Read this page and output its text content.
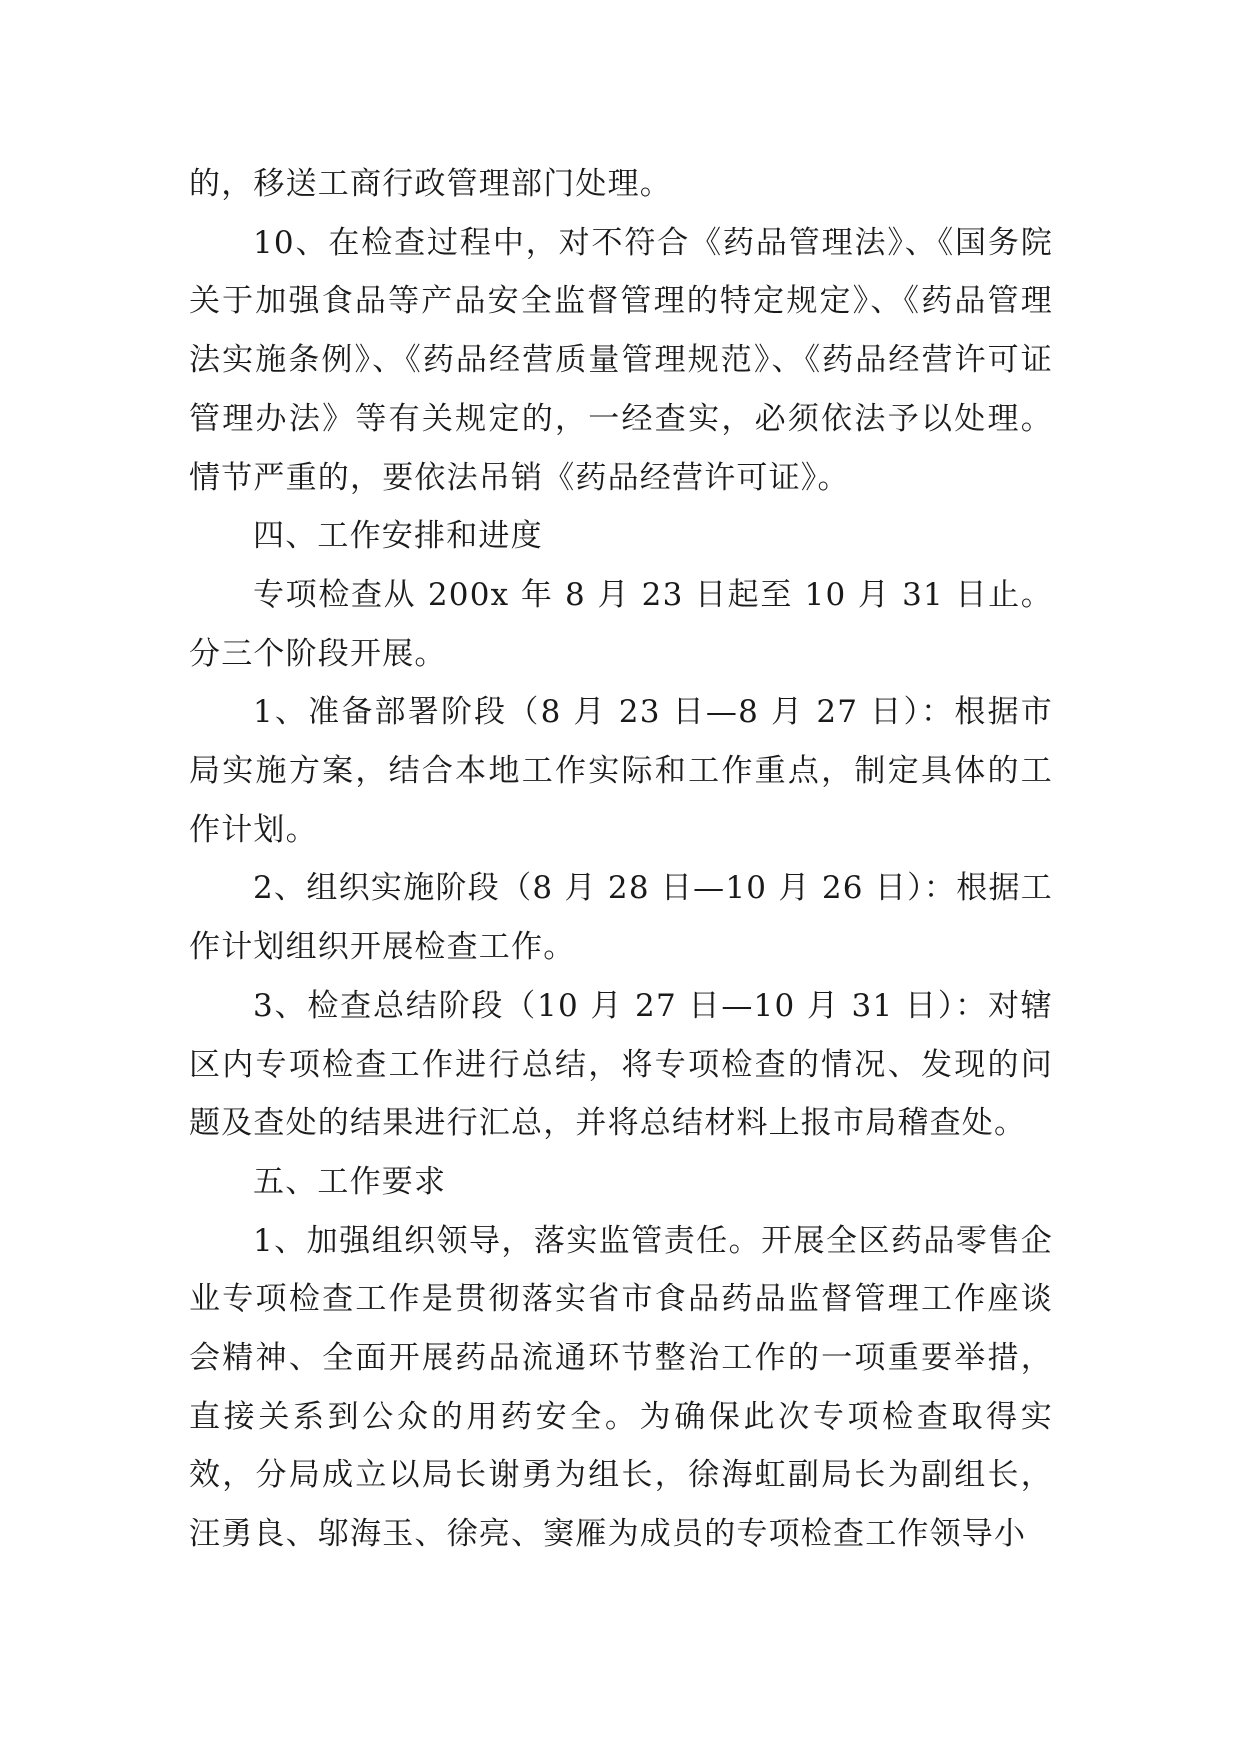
的，移送工商行政管理部门处理。

10、在检查过程中，对不符合《药品管理法》、《国务院关于加强食品等产品安全监督管理的特定规定》、《药品管理法实施条例》、《药品经营质量管理规范》、《药品经营许可证管理办法》等有关规定的，一经查实，必须依法予以处理。情节严重的，要依法吊销《药品经营许可证》。

四、工作安排和进度

专项检查从 200x 年 8 月 23 日起至 10 月 31 日止。分三个阶段开展。

1、准备部署阶段（8 月 23 日—8 月 27 日）：根据市局实施方案，结合本地工作实际和工作重点，制定具体的工作计划。

2、组织实施阶段（8 月 28 日—10 月 26 日）：根据工作计划组织开展检查工作。

3、检查总结阶段（10 月 27 日—10 月 31 日）：对辖区内专项检查工作进行总结，将专项检查的情况、发现的问题及查处的结果进行汇总，并将总结材料上报市局稽查处。

五、工作要求

1、加强组织领导，落实监管责任。开展全区药品零售企业专项检查工作是贯彻落实省市食品药品监督管理工作座谈会精神、全面开展药品流通环节整治工作的一项重要举措，直接关系到公众的用药安全。为确保此次专项检查取得实效，分局成立以局长谢勇为组长，徐海虹副局长为副组长，汪勇良、邬海玉、徐亮、窦雁为成员的专项检查工作领导小
